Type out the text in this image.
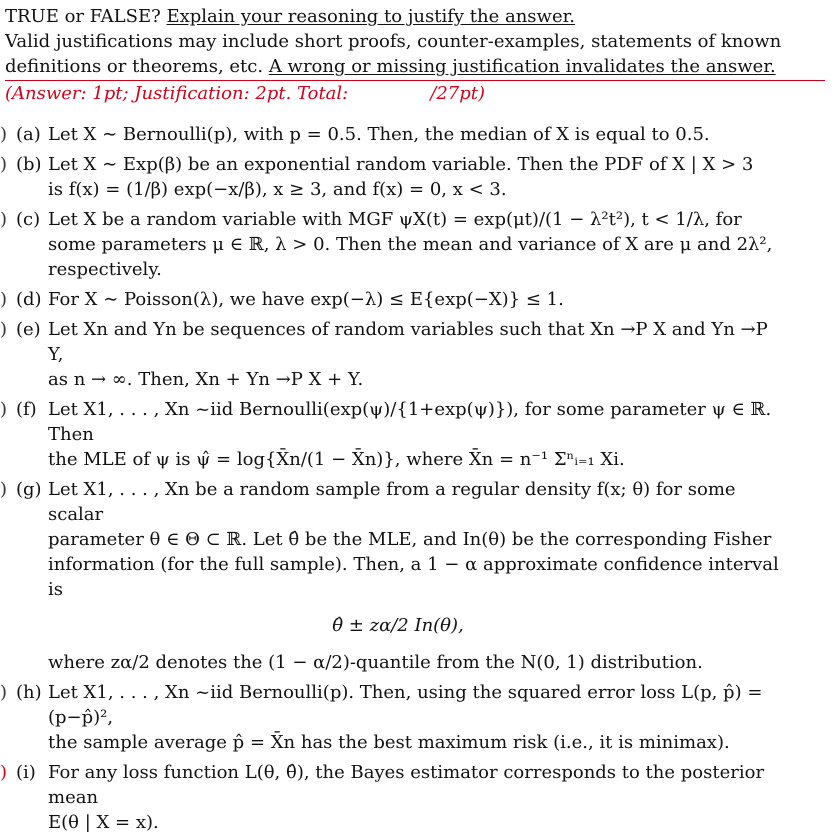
TRUE or FALSE? Explain your reasoning to justify the answer.
Valid justifications may include short proofs, counter-examples, statements of known
definitions or theorems, etc. A wrong or missing justification invalidates the answer.
(Answer: 1pt; Justification: 2pt. Total:	/27pt)
) (a) Let X ∼ Bernoulli(p), with p = 0.5. Then, the median of X is equal to 0.5.
) (b) Let X ∼ Exp(β) be an exponential random variable. Then the PDF of X | X > 3
is f(x) = (1/β) exp(−x/β), x ≥ 3, and f(x) = 0, x < 3.
) (c) Let X be a random variable with MGF ψX(t) = exp(μt)/(1 − λ²t²), t < 1/λ, for
some parameters μ ∈ ℝ, λ > 0. Then the mean and variance of X are μ and 2λ²,
respectively.
) (d) For X ∼ Poisson(λ), we have exp(−λ) ≤ E{exp(−X)} ≤ 1.
) (e) Let Xn and Yn be sequences of random variables such that Xn →P X and Yn →P Y,
as n → ∞. Then, Xn + Yn →P X + Y.
) (f) Let X1, . . . , Xn ~iid Bernoulli(exp(ψ)/{1+exp(ψ)}), for some parameter ψ ∈ ℝ. Then
the MLE of ψ is ψ̂ = log{X̄n/(1 − X̄n)}, where X̄n = n⁻¹ Σⁿᵢ₌₁ Xi.
) (g) Let X1, . . . , Xn be a random sample from a regular density f(x; θ) for some scalar
parameter θ ∈ Θ ⊂ ℝ. Let θ̂ be the MLE, and In(θ) be the corresponding Fisher
information (for the full sample). Then, a 1 − α approximate confidence interval is
θ̂ ± zα/2 In(θ),
where zα/2 denotes the (1 − α/2)-quantile from the N(0, 1) distribution.
) (h) Let X1, . . . , Xn ~iid Bernoulli(p). Then, using the squared error loss L(p, p̂) = (p−p̂)²,
the sample average p̂ = X̄n has the best maximum risk (i.e., it is minimax).
) (i) For any loss function L(θ, θ̂), the Bayes estimator corresponds to the posterior mean
E(θ | X = x).
